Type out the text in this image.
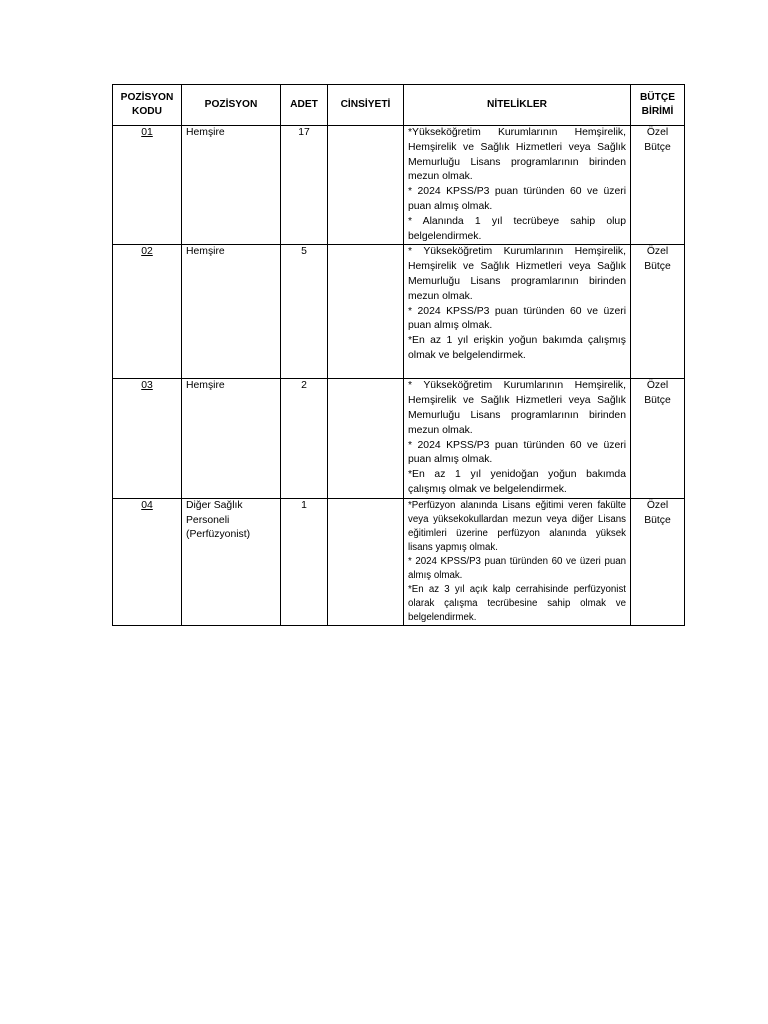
POZİSYON KODU	POZİSYON	ADET	CİNSİYETİ	NİTELİKLER	BÜTÇE BİRİMİ
01	Hemşire	17		*Yükseköğretim Kurumlarının Hemşirelik, Hemşirelik ve Sağlık Hizmetleri veya Sağlık Memurluğu Lisans programlarının birinden mezun olmak.
* 2024 KPSS/P3 puan türünden 60 ve üzeri puan almış olmak.
* Alanında 1 yıl tecrübeye sahip olup belgelendirmek.	Özel Bütçe
02	Hemşire	5		* Yükseköğretim Kurumlarının Hemşirelik, Hemşirelik ve Sağlık Hizmetleri veya Sağlık Memurluğu Lisans programlarının birinden mezun olmak.
* 2024 KPSS/P3 puan türünden 60 ve üzeri puan almış olmak.
*En az 1 yıl erişkin yoğun bakımda çalışmış olmak ve belgelendirmek.	Özel Bütçe
03	Hemşire	2		* Yükseköğretim Kurumlarının Hemşirelik, Hemşirelik ve Sağlık Hizmetleri veya Sağlık Memurluğu Lisans programlarının birinden mezun olmak.
* 2024 KPSS/P3 puan türünden 60 ve üzeri puan almış olmak.
*En az 1 yıl yenidoğan yoğun bakımda çalışmış olmak ve belgelendirmek.	Özel Bütçe
04	Diğer Sağlık Personeli (Perfüzyonist)	1		*Perfüzyon alanında Lisans eğitimi veren fakülte veya yüksekokullardan mezun veya diğer Lisans eğitimleri üzerine perfüzyon alanında yüksek lisans yapmış olmak.
* 2024 KPSS/P3 puan türünden 60 ve üzeri puan almış olmak.
*En az 3 yıl açık kalp cerrahisinde perfüzyonist olarak çalışma tecrübesine sahip olmak ve belgelendirmek.	Özel Bütçe
